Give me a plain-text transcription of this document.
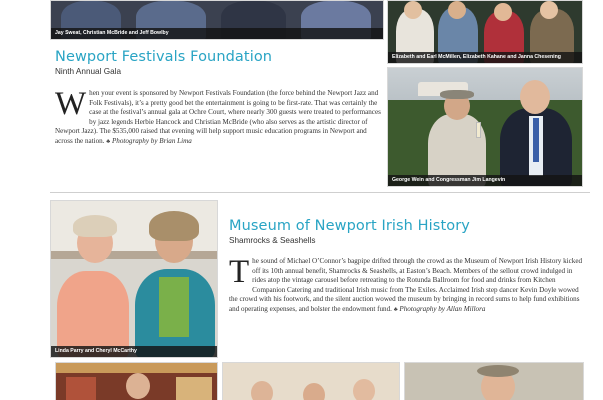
Jay Sweat, Christian McBride and Jeff Bowlby
Elizabeth and Earl McMillen, Elizabeth Kahane and Janna Chesening
Newport Festivals Foundation
Ninth Annual Gala
When your event is sponsored by Newport Festivals Foundation (the force behind the Newport Jazz and Folk Festivals), it’s a pretty good bet the entertainment is going to be first-rate. That was certainly the case at the festival’s annual gala at Ochre Court, where nearly 300 guests were treated to performances by jazz legends Herbie Hancock and Christian McBride (who also serves as the artistic director of Newport Jazz). The $535,000 raised that evening will help support music education programs in Newport and across the nation. ♣ Photography by Brian Lima
George Wein and Congressman Jim Langevin
Linda Parry and Cheryl McCarthy
Museum of Newport Irish History
Shamrocks & Seashells
The sound of Michael O’Connor’s bagpipe drifted through the crowd as the Museum of Newport Irish History kicked off its 10th annual benefit, Shamrocks & Seashells, at Easton’s Beach. Members of the sellout crowd indulged in rides atop the vintage carousel before retreating to the Rotunda Ballroom for food and drinks from Kitchen Companion Catering and traditional Irish music from The Exiles. Acclaimed Irish step dancer Kevin Doyle wowed the crowd with his footwork, and the silent auction wowed the museum by bringing in record sums to help fund exhibitions and operating expenses, and bolster the endowment fund. ♣ Photography by Allan Millora
